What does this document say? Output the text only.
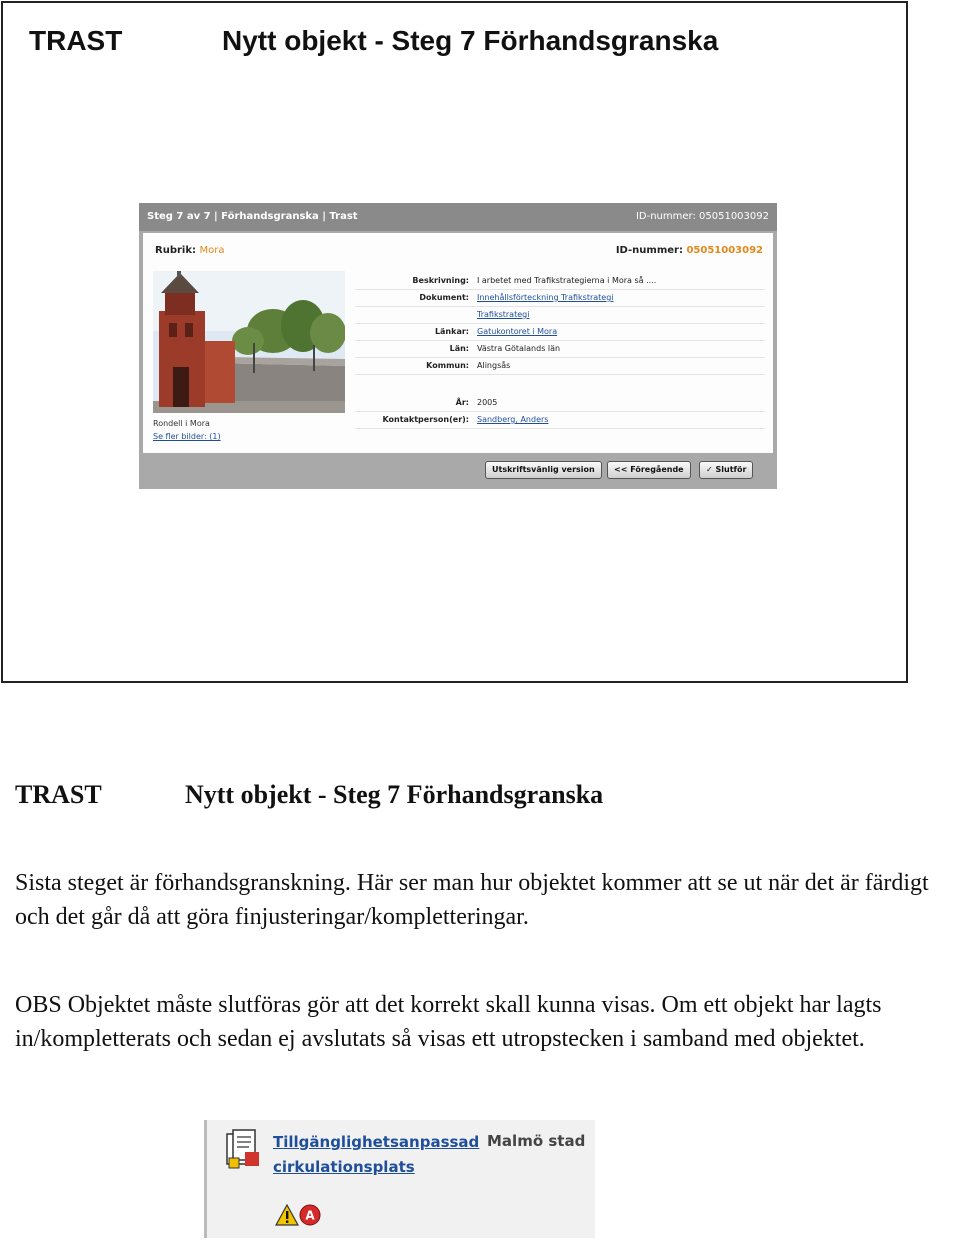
TRAST	Nytt objekt - Steg 7 Förhandsgranska
Steg 7 av 7 | Förhandsgranska | Trast	ID-nummer: 05051003092
Rubrik: Mora	ID-nummer: 05051003092
Rondell i Mora
Se fler bilder: (1)
Beskrivning: I arbetet med Trafikstrategierna i Mora så ....
Dokument: Innehållsförteckning Trafikstrategi
Trafikstrategi
Länkar: Gatukontoret i Mora
Län: Västra Götalands län
Kommun: Alingsås
År: 2005
Kontaktperson(er): Sandberg, Anders
Utskriftsvänlig version	<< Föregående	✓ Slutför
TRAST	Nytt objekt - Steg 7 Förhandsgranska
Sista steget är förhandsgranskning. Här ser man hur objektet kommer att se ut när det är färdigt och det går då att göra finjusteringar/kompletteringar.
OBS Objektet måste slutföras gör att det korrekt skall kunna visas. Om ett objekt har lagts in/kompletterats och sedan ej avslutats så visas ett utropstecken i samband med objektet.
Tillgänglighetsanpassad
cirkulationsplats
Malmö stad
A
